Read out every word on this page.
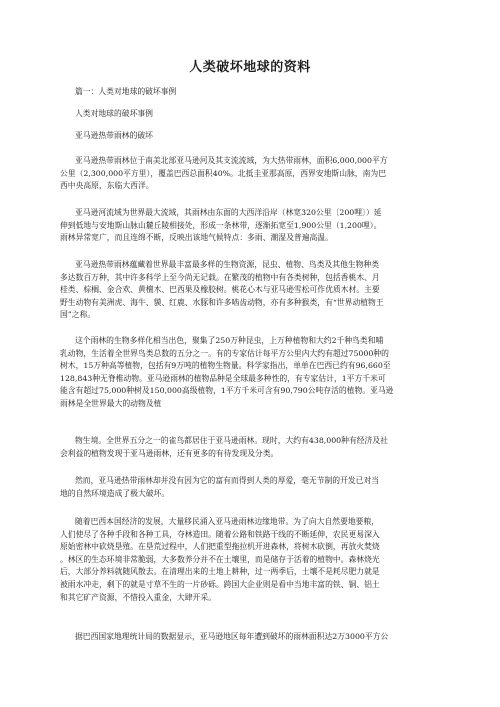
人类破坏地球的资料
篇一：人类对地球的破坏事例
人类对地球的破坏事例
亚马逊热带雨林的破坏
亚马逊热带雨林位于南美北部亚马逊河及其支流流域，为大热带雨林，面积6,000,000平方
公里（2,300,000平方里），覆盖巴西总面积40%。北抵圭亚那高原，西界安地斯山脉，南为巴
西中央高原，东临大西洋。
亚马逊河流域为世界最大流域，其雨林由东面的大西洋沿岸（林宽320公里〔200哩〕）延
伸到低地与安地斯山脉山麓丘陵相接处，形成一条林带，逐渐拓宽至1,900公里（1,200哩）。
雨林异常宽广，而且连绵不断，反映出该地气候特点：多雨、潮湿及普遍高温。
亚马逊热带雨林蕴藏着世界最丰富最多样的生物资源，昆虫、植物、鸟类及其他生物种类
多达数百万种，其中许多科学上至今尚无记载。在繁茂的植物中有各类树种，包括香桃木、月
桂类、棕榈、金合欢、黄檀木、巴西果及橡胶树。桃花心木与亚马逊雪松可作优质木材。主要
野生动物有美洲虎、海牛、貘、红鹿、水豚和许多啮齿动物，亦有多种猴类，有“世界动植物王
国”之称。
这个雨林的生物多样化相当出色，聚集了250万种昆虫，上万种植物和大约2千种鸟类和哺
乳动物，生活着全世界鸟类总数的五分之一。有的专家估计每平方公里内大约有超过75000种的
树木，15万种高等植物，包括有9万吨的植物生物量。科学家指出，单单在巴西已约有96,660至
128,843种无脊椎动物。亚马逊雨林的植物品种是全球最多种性的，有专家估计，1平方千米可
能含有超过75,000种树及150,000高级植物，1平方千米可含有90,790公吨存活的植物。亚马逊
雨林是全世界最大的动物及植
物生境。全世界五分之一的雀鸟都居住于亚马逊雨林。现时，大约有438,000种有经济及社
会利益的植物发现于亚马逊雨林，还有更多的有待发现及分类。
然而，亚马逊热带雨林却并没有因为它的富有而得到人类的厚爱，毫无节制的开发已对当
地的自然环境造成了极大破坏。
随着巴西本国经济的发展，大量移民涌入亚马逊雨林边缘地带。为了向大自然要地要粮，
人们使尽了各种手段和各种工具，夺林造田。随着公路和铁路干线的不断延伸，农民更易深入
原始密林中砍烧垦殖。在垦荒过程中，人们把重型拖拉机开进森林，将树木砍倒，再放火焚烧
。林区的生态环境非常脆弱，大多数养分并不在土壤里，而是储存于活着的植物中。森林烧光
后，大部分养料就随风散去。在清理出来的土地上耕种，过一两季后，土壤不是耗尽肥力就是
被雨水冲走，剩下的就是寸草不生的一片砂砾。跨国大企业则是看中当地丰富的铁、铜、铝土
和其它矿产资源，不惜投入重金，大肆开采。
据巴西国家地理统计局的数据显示，亚马逊地区每年遭到破坏的雨林面积达2万3000平方公
